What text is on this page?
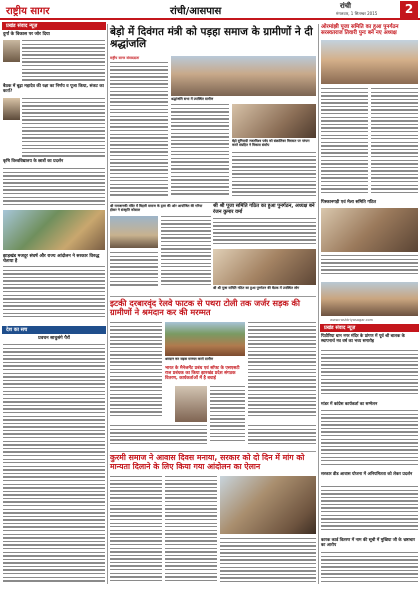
राष्ट्रीय सागर	रांची/आसपास	रांची
मंगलवार, 1 सितम्बर 2015	2
प्रखंड संवाद न्यूज़
दुर्गा के विकास पर जोर दिया
बैठक में बूढ़ा महादेव की रक्षा का निर्णय व पूजा किया, संकट का कर्ता?
कृषि विश्वविद्यालय के छात्रों का प्रदर्शन
झाड़खंड मजदूर संघर्ष और राज्य आंदोलन ने सरकार विरुद्ध चेताया है
देश का सच
प्रवचन साधुसंगे पैरों
बेड़ो में दिवंगत मंत्री को पड़हा समाज के ग्रामीणों ने दी श्रद्धांजलि
राष्ट्रीय सागर संवाददाता
श्रद्धांजलि सभा में उपस्थित ग्रामीण
बेड़ो बुनियादी रजतविश्व पर्वद को संक्रांतिका विरासत पर परंपरा करते संग्रहित ने विकास संसोप
श्री रामजानकी मंदिर में बिहारी समाज के द्वारा की ओर आयोजित की गरिया होकर ने संस्कृति कोसाल
श्री श्री पूजा समिति गठित का हुआ पुनर्गठन, अध्यक्ष बने रंजन कुमार वर्मा
श्री श्री पूजा समिति गठित का हुआ पुनर्गठन की बैठक में उपस्थित लोग
इटकी दरबारवृंद रेलवे फाटक से पथरा टोली तक जर्जर सड़क की ग्रामीणों ने श्रमदान कर की मरम्मत
श्रमदान कर सड़क मरम्मत करते ग्रामीण
भारत के मैनेजमेंट प्रबंध एवं सॉफ्ट के एसएसटी राज प्रबंधक का किया झारखंड प्रदेश संगठक वितरण, कार्यकर्ताओं में है बधाई
कुरमी समाज ने आवास दिवस मनाया, सरकार को दो दिन में मांग को मान्यता दिलाने के लिए किया गया आंदोलन का ऐलान
ओरमांझी पूजा समिति का हुआ पुनर्गठन सरस्वतराज तिवारी पुनः बने नए अध्यक्ष
पिस्कानगड़ी एवं मेला समिति गठित
www.rashtriyasagar.com
प्रखंड संवाद न्यूज़
पिठौरिया धान नगर मंदिर के प्रांगण में पूर्व श्री बालक के स्थापनार्थ नव वर्ष का भव्य समारोह
मांडर में कांग्रेस कार्यकर्ता का सम्मेलन
सरकार डीड आवास योजना में अनियमितता को लेकर प्रदर्शन
कारक कार्ड वितरण में नाम की सूची में मुखिया जी के भ्रष्टाचार का आरोप
